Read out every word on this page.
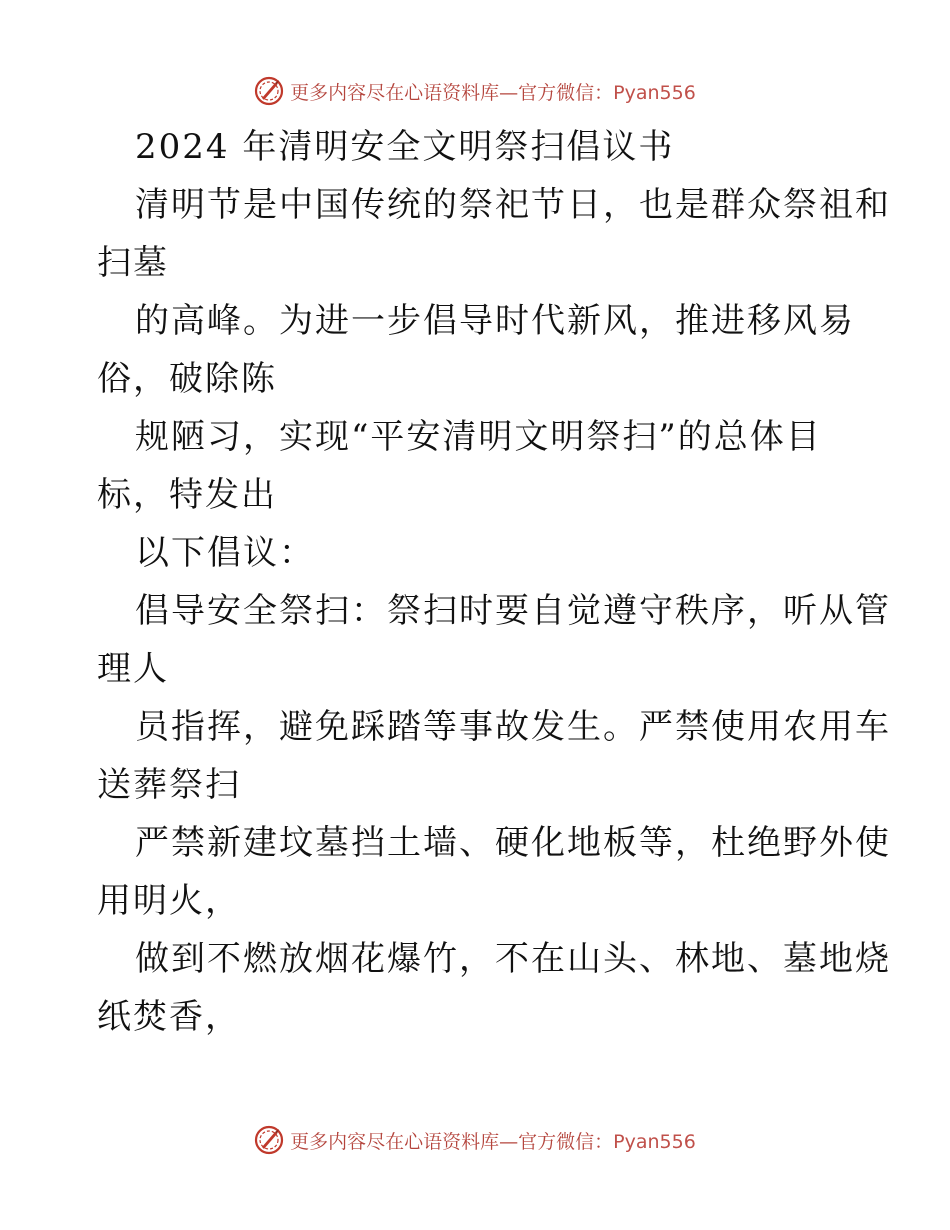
更多内容尽在心语资料库—官方微信：Pyan556
2024 年清明安全文明祭扫倡议书
清明节是中国传统的祭祀节日，也是群众祭祖和
扫墓
的高峰。为进一步倡导时代新风，推进移风易
俗，破除陈
规陋习，实现“平安清明文明祭扫”的总体目
标，特发出
以下倡议：
倡导安全祭扫：祭扫时要自觉遵守秩序，听从管
理人
员指挥，避免踩踏等事故发生。严禁使用农用车
送葬祭扫
严禁新建坟墓挡土墙、硬化地板等，杜绝野外使
用明火，
做到不燃放烟花爆竹，不在山头、林地、墓地烧
纸焚香，
更多内容尽在心语资料库—官方微信：Pyan556
